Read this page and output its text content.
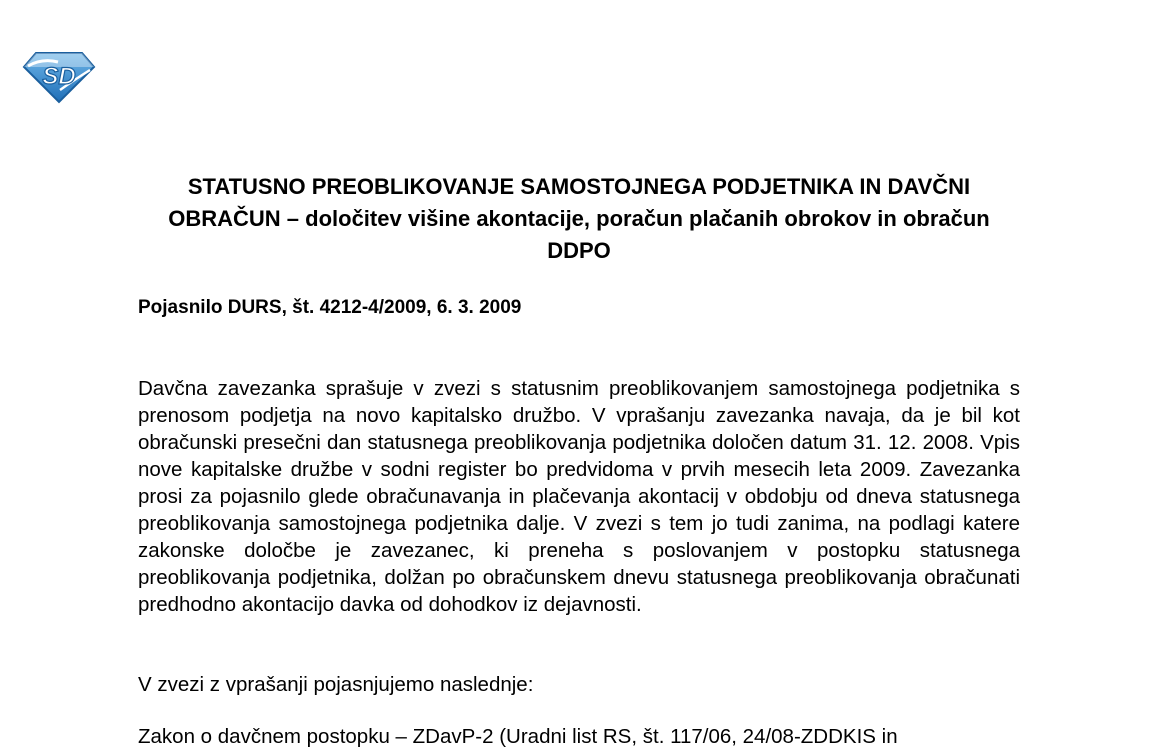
SD
STATUSNO PREOBLIKOVANJE SAMOSTOJNEGA PODJETNIKA IN DAVČNI OBRAČUN – določitev višine akontacije, poračun plačanih obrokov in obračun DDPO

Pojasnilo DURS, št. 4212-4/2009, 6. 3. 2009

Davčna zavezanka sprašuje v zvezi s statusnim preoblikovanjem samostojnega podjetnika s prenosom podjetja na novo kapitalsko družbo. V vprašanju zavezanka navaja, da je bil kot obračunski presečni dan statusnega preoblikovanja podjetnika določen datum 31. 12. 2008. Vpis nove kapitalske družbe v sodni register bo predvidoma v prvih mesecih leta 2009. Zavezanka prosi za pojasnilo glede obračunavanja in plačevanja akontacij v obdobju od dneva statusnega preoblikovanja samostojnega podjetnika dalje. V zvezi s tem jo tudi zanima, na podlagi katere zakonske določbe je zavezanec, ki preneha s poslovanjem v postopku statusnega preoblikovanja podjetnika, dolžan po obračunskem dnevu statusnega preoblikovanja obračunati predhodno akontacijo davka od dohodkov iz dejavnosti.

V zvezi z vprašanji pojasnjujemo naslednje:

Zakon o davčnem postopku – ZDavP-2 (Uradni list RS, št. 117/06, 24/08-ZDDKIS in
